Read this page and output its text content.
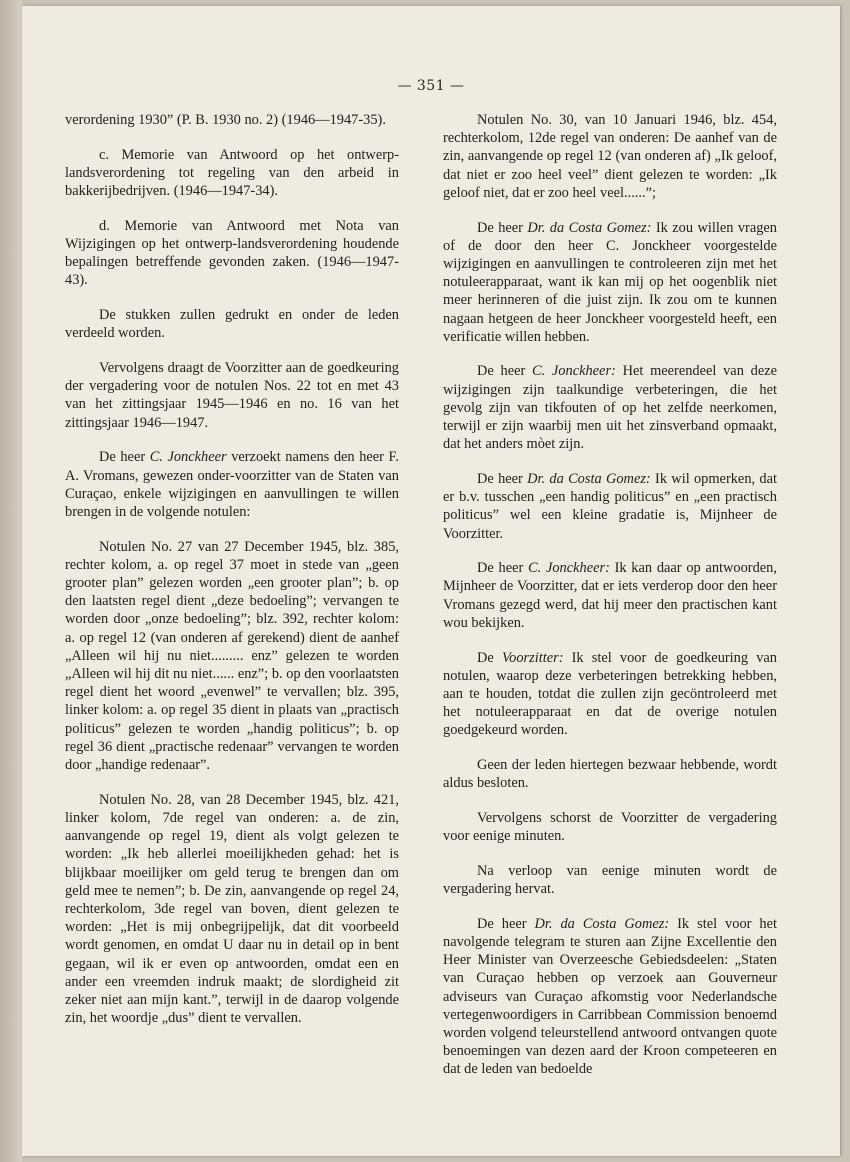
— 351 —

verordening 1930” (P. B. 1930 no. 2) (1946—1947-35).

c. Memorie van Antwoord op het ontwerp-landsverordening tot regeling van den arbeid in bakkerijbedrijven. (1946—1947-34).

d. Memorie van Antwoord met Nota van Wijzigingen op het ontwerp-landsverordening houdende bepalingen betreffende gevonden zaken. (1946—1947-43).

De stukken zullen gedrukt en onder de leden verdeeld worden.

Vervolgens draagt de Voorzitter aan de goedkeuring der vergadering voor de notulen Nos. 22 tot en met 43 van het zittingsjaar 1945—1946 en no. 16 van het zittingsjaar 1946—1947.

De heer C. Jonckheer verzoekt namens den heer F. A. Vromans, gewezen onder-voorzitter van de Staten van Curaçao, enkele wijzigingen en aanvullingen te willen brengen in de volgende notulen:

Notulen No. 27 van 27 December 1945, blz. 385, rechter kolom, a. op regel 37 moet in stede van „geen grooter plan” gelezen worden „een grooter plan”; b. op den laatsten regel dient „deze bedoeling”; vervangen te worden door „onze bedoeling”; blz. 392, rechter kolom: a. op regel 12 (van onderen af gerekend) dient de aanhef „Alleen wil hij nu niet......... enz” gelezen te worden „Alleen wil hij dit nu niet...... enz”; b. op den voorlaatsten regel dient het woord „evenwel” te vervallen; blz. 395, linker kolom: a. op regel 35 dient in plaats van „practisch politicus” gelezen te worden „handig politicus”; b. op regel 36 dient „practische redenaar” vervangen te worden door „handige redenaar”.

Notulen No. 28, van 28 December 1945, blz. 421, linker kolom, 7de regel van onderen: a. de zin, aanvangende op regel 19, dient als volgt gelezen te worden: „Ik heb allerlei moeilijkheden gehad: het is blijkbaar moeilijker om geld terug te brengen dan om geld mee te nemen”; b. De zin, aanvangende op regel 24, rechterkolom, 3de regel van boven, dient gelezen te worden: „Het is mij onbegrijpelijk, dat dit voorbeeld wordt genomen, en omdat U daar nu in detail op in bent gegaan, wil ik er even op antwoorden, omdat een en ander een vreemden indruk maakt; de slordigheid zit zeker niet aan mijn kant.”, terwijl in de daarop volgende zin, het woordje „dus” dient te vervallen.

Notulen No. 30, van 10 Januari 1946, blz. 454, rechterkolom, 12de regel van onderen: De aanhef van de zin, aanvangende op regel 12 (van onderen af) „Ik geloof, dat niet er zoo heel veel” dient gelezen te worden: „Ik geloof niet, dat er zoo heel veel......”;

De heer Dr. da Costa Gomez: Ik zou willen vragen of de door den heer C. Jonckheer voorgestelde wijzigingen en aanvullingen te controleeren zijn met het notuleerapparaat, want ik kan mij op het oogenblik niet meer herinneren of die juist zijn. Ik zou om te kunnen nagaan hetgeen de heer Jonckheer voorgesteld heeft, een verificatie willen hebben.

De heer C. Jonckheer: Het meerendeel van deze wijzigingen zijn taalkundige verbeteringen, die het gevolg zijn van tikfouten of op het zelfde neerkomen, terwijl er zijn waarbij men uit het zinsverband opmaakt, dat het anders mòet zijn.

De heer Dr. da Costa Gomez: Ik wil opmerken, dat er b.v. tusschen „een handig politicus” en „een practisch politicus” wel een kleine gradatie is, Mijnheer de Voorzitter.

De heer C. Jonckheer: Ik kan daar op antwoorden, Mijnheer de Voorzitter, dat er iets verderop door den heer Vromans gezegd werd, dat hij meer den practischen kant wou bekijken.

De Voorzitter: Ik stel voor de goedkeuring van notulen, waarop deze verbeteringen betrekking hebben, aan te houden, totdat die zullen zijn gecöntroleerd met het notuleerapparaat en dat de overige notulen goedgekeurd worden.

Geen der leden hiertegen bezwaar hebbende, wordt aldus besloten.

Vervolgens schorst de Voorzitter de vergadering voor eenige minuten.

Na verloop van eenige minuten wordt de vergadering hervat.

De heer Dr. da Costa Gomez: Ik stel voor het navolgende telegram te sturen aan Zijne Excellentie den Heer Minister van Overzeesche Gebiedsdeelen: „Staten van Curaçao hebben op verzoek aan Gouverneur adviseurs van Curaçao afkomstig voor Nederlandsche vertegenwoordigers in Carribbean Commission benoemd worden volgend teleurstellend antwoord ontvangen quote benoemingen van dezen aard der Kroon competeeren en dat de leden van bedoelde
